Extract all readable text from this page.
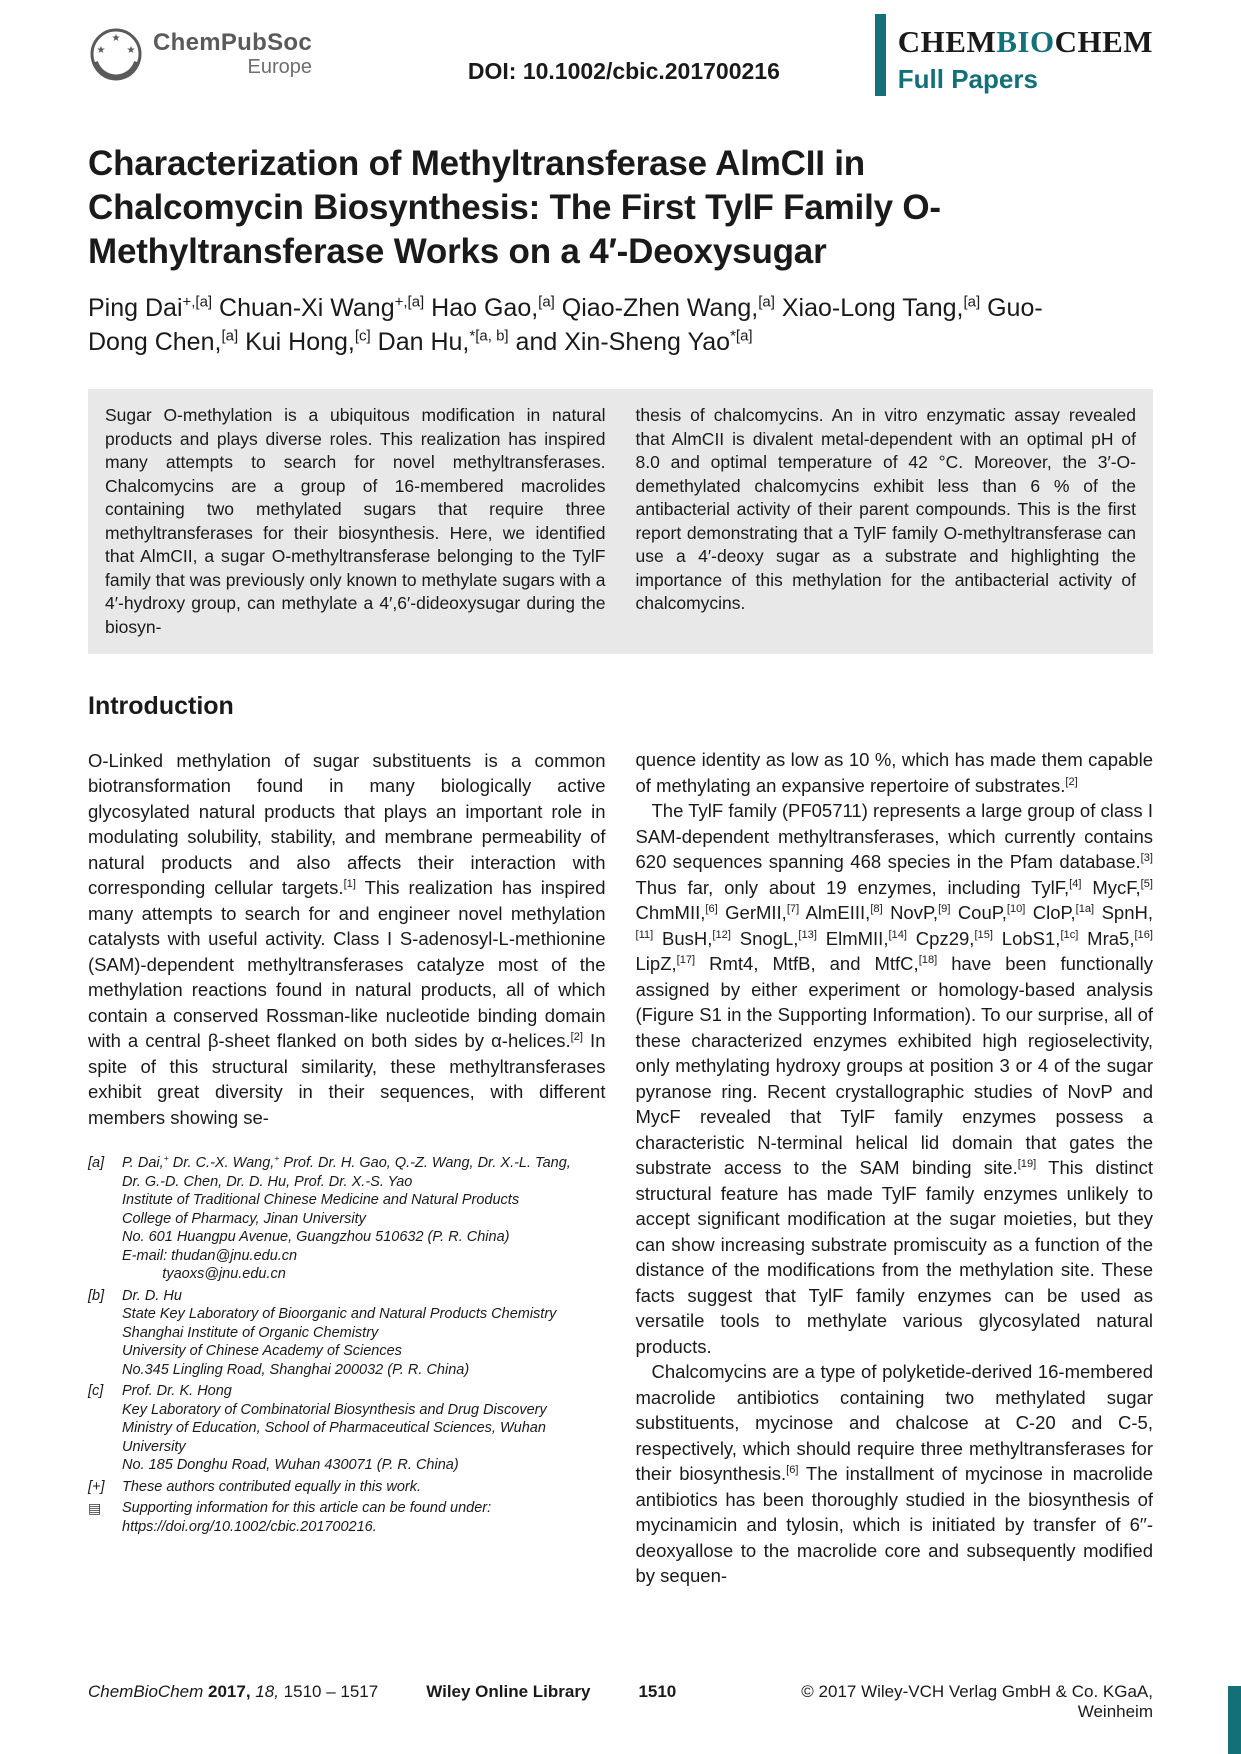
★
★ ★ ChemPubSoc
Europe	DOI: 10.1002/cbic.201700216
CHEMBIOCHEM
Full Papers
Characterization of Methyltransferase AlmCII in
Chalcomycin Biosynthesis: The First TylF Family O-
Methyltransferase Works on a 4′-Deoxysugar
Ping Dai$^{+,[a]}$ Chuan-Xi Wang$^{+,[a]}$ Hao Gao,[a] Qiao-Zhen Wang,[a] Xiao-Long Tang,[a] Guo-
Dong Chen,[a] Kui Hong,[c] Dan Hu,$^{*[a, b]}$ and Xin-Sheng Yao$^{*[a]}$
Sugar O-methylation is a ubiquitous modification in natural products and plays diverse roles. This realization has inspired many attempts to search for novel methyltransferases. Chalcomycins are a group of 16-membered macrolides containing two methylated sugars that require three methyltransferases for their biosynthesis. Here, we identified that AlmCII, a sugar O-methyltransferase belonging to the TylF family that was previously only known to methylate sugars with a 4′-hydroxy group, can methylate a 4′,6′-dideoxysugar during the biosyn-
thesis of chalcomycins. An in vitro enzymatic assay revealed that AlmCII is divalent metal-dependent with an optimal pH of 8.0 and optimal temperature of 42 °C. Moreover, the 3′-O-demethylated chalcomycins exhibit less than 6 % of the antibacterial activity of their parent compounds. This is the first report demonstrating that a TylF family O-methyltransferase can use a 4′-deoxy sugar as a substrate and highlighting the importance of this methylation for the antibacterial activity of chalcomycins.
Introduction

O-Linked methylation of sugar substituents is a common biotransformation found in many biologically active glycosylated natural products that plays an important role in modulating solubility, stability, and membrane permeability of natural products and also affects their interaction with corresponding cellular targets.[1] This realization has inspired many attempts to search for and engineer novel methylation catalysts with useful activity. Class I S-adenosyl-L-methionine (SAM)-dependent methyltransferases catalyze most of the methylation reactions found in natural products, all of which contain a conserved Rossman-like nucleotide binding domain with a central β-sheet flanked on both sides by α-helices.[2] In spite of this structural similarity, these methyltransferases exhibit great diversity in their sequences, with different members showing se-

[a]	P. Dai,+ Dr. C.-X. Wang,+ Prof. Dr. H. Gao, Q.-Z. Wang, Dr. X.-L. Tang,
Dr. G.-D. Chen, Dr. D. Hu, Prof. Dr. X.-S. Yao
Institute of Traditional Chinese Medicine and Natural Products
College of Pharmacy, Jinan University
No. 601 Huangpu Avenue, Guangzhou 510632 (P. R. China)
E-mail: thudan@jnu.edu.cn
tyaoxs@jnu.edu.cn
[b]	Dr. D. Hu
State Key Laboratory of Bioorganic and Natural Products Chemistry
Shanghai Institute of Organic Chemistry
University of Chinese Academy of Sciences
No.345 Lingling Road, Shanghai 200032 (P. R. China)
[c]	Prof. Dr. K. Hong
Key Laboratory of Combinatorial Biosynthesis and Drug Discovery
Ministry of Education, School of Pharmaceutical Sciences, Wuhan University
No. 185 Donghu Road, Wuhan 430071 (P. R. China)
[+]	These authors contributed equally in this work.
▤	Supporting information for this article can be found under:
https://doi.org/10.1002/cbic.201700216.

quence identity as low as 10 %, which has made them capable of methylating an expansive repertoire of substrates.[2]

The TylF family (PF05711) represents a large group of class I SAM-dependent methyltransferases, which currently contains 620 sequences spanning 468 species in the Pfam database.[3] Thus far, only about 19 enzymes, including TylF,[4] MycF,[5] ChmMII,[6] GerMII,[7] AlmEIII,[8] NovP,[9] CouP,[10] CloP,[1a] SpnH,[11] BusH,[12] SnogL,[13] ElmMII,[14] Cpz29,[15] LobS1,[1c] Mra5,[16] LipZ,[17] Rmt4, MtfB, and MtfC,[18] have been functionally assigned by either experiment or homology-based analysis (Figure S1 in the Supporting Information). To our surprise, all of these characterized enzymes exhibited high regioselectivity, only methylating hydroxy groups at position 3 or 4 of the sugar pyranose ring. Recent crystallographic studies of NovP and MycF revealed that TylF family enzymes possess a characteristic N-terminal helical lid domain that gates the substrate access to the SAM binding site.[19] This distinct structural feature has made TylF family enzymes unlikely to accept significant modification at the sugar moieties, but they can show increasing substrate promiscuity as a function of the distance of the modifications from the methylation site. These facts suggest that TylF family enzymes can be used as versatile tools to methylate various glycosylated natural products.

Chalcomycins are a type of polyketide-derived 16-membered macrolide antibiotics containing two methylated sugar substituents, mycinose and chalcose at C-20 and C-5, respectively, which should require three methyltransferases for their biosynthesis.[6] The installment of mycinose in macrolide antibiotics has been thoroughly studied in the biosynthesis of mycinamicin and tylosin, which is initiated by transfer of 6′′-deoxyallose to the macrolide core and subsequently modified by sequen-

ChemBioChem 2017, 18, 1510 – 1517	Wiley Online Library	1510	© 2017 Wiley-VCH Verlag GmbH & Co. KGaA, Weinheim
